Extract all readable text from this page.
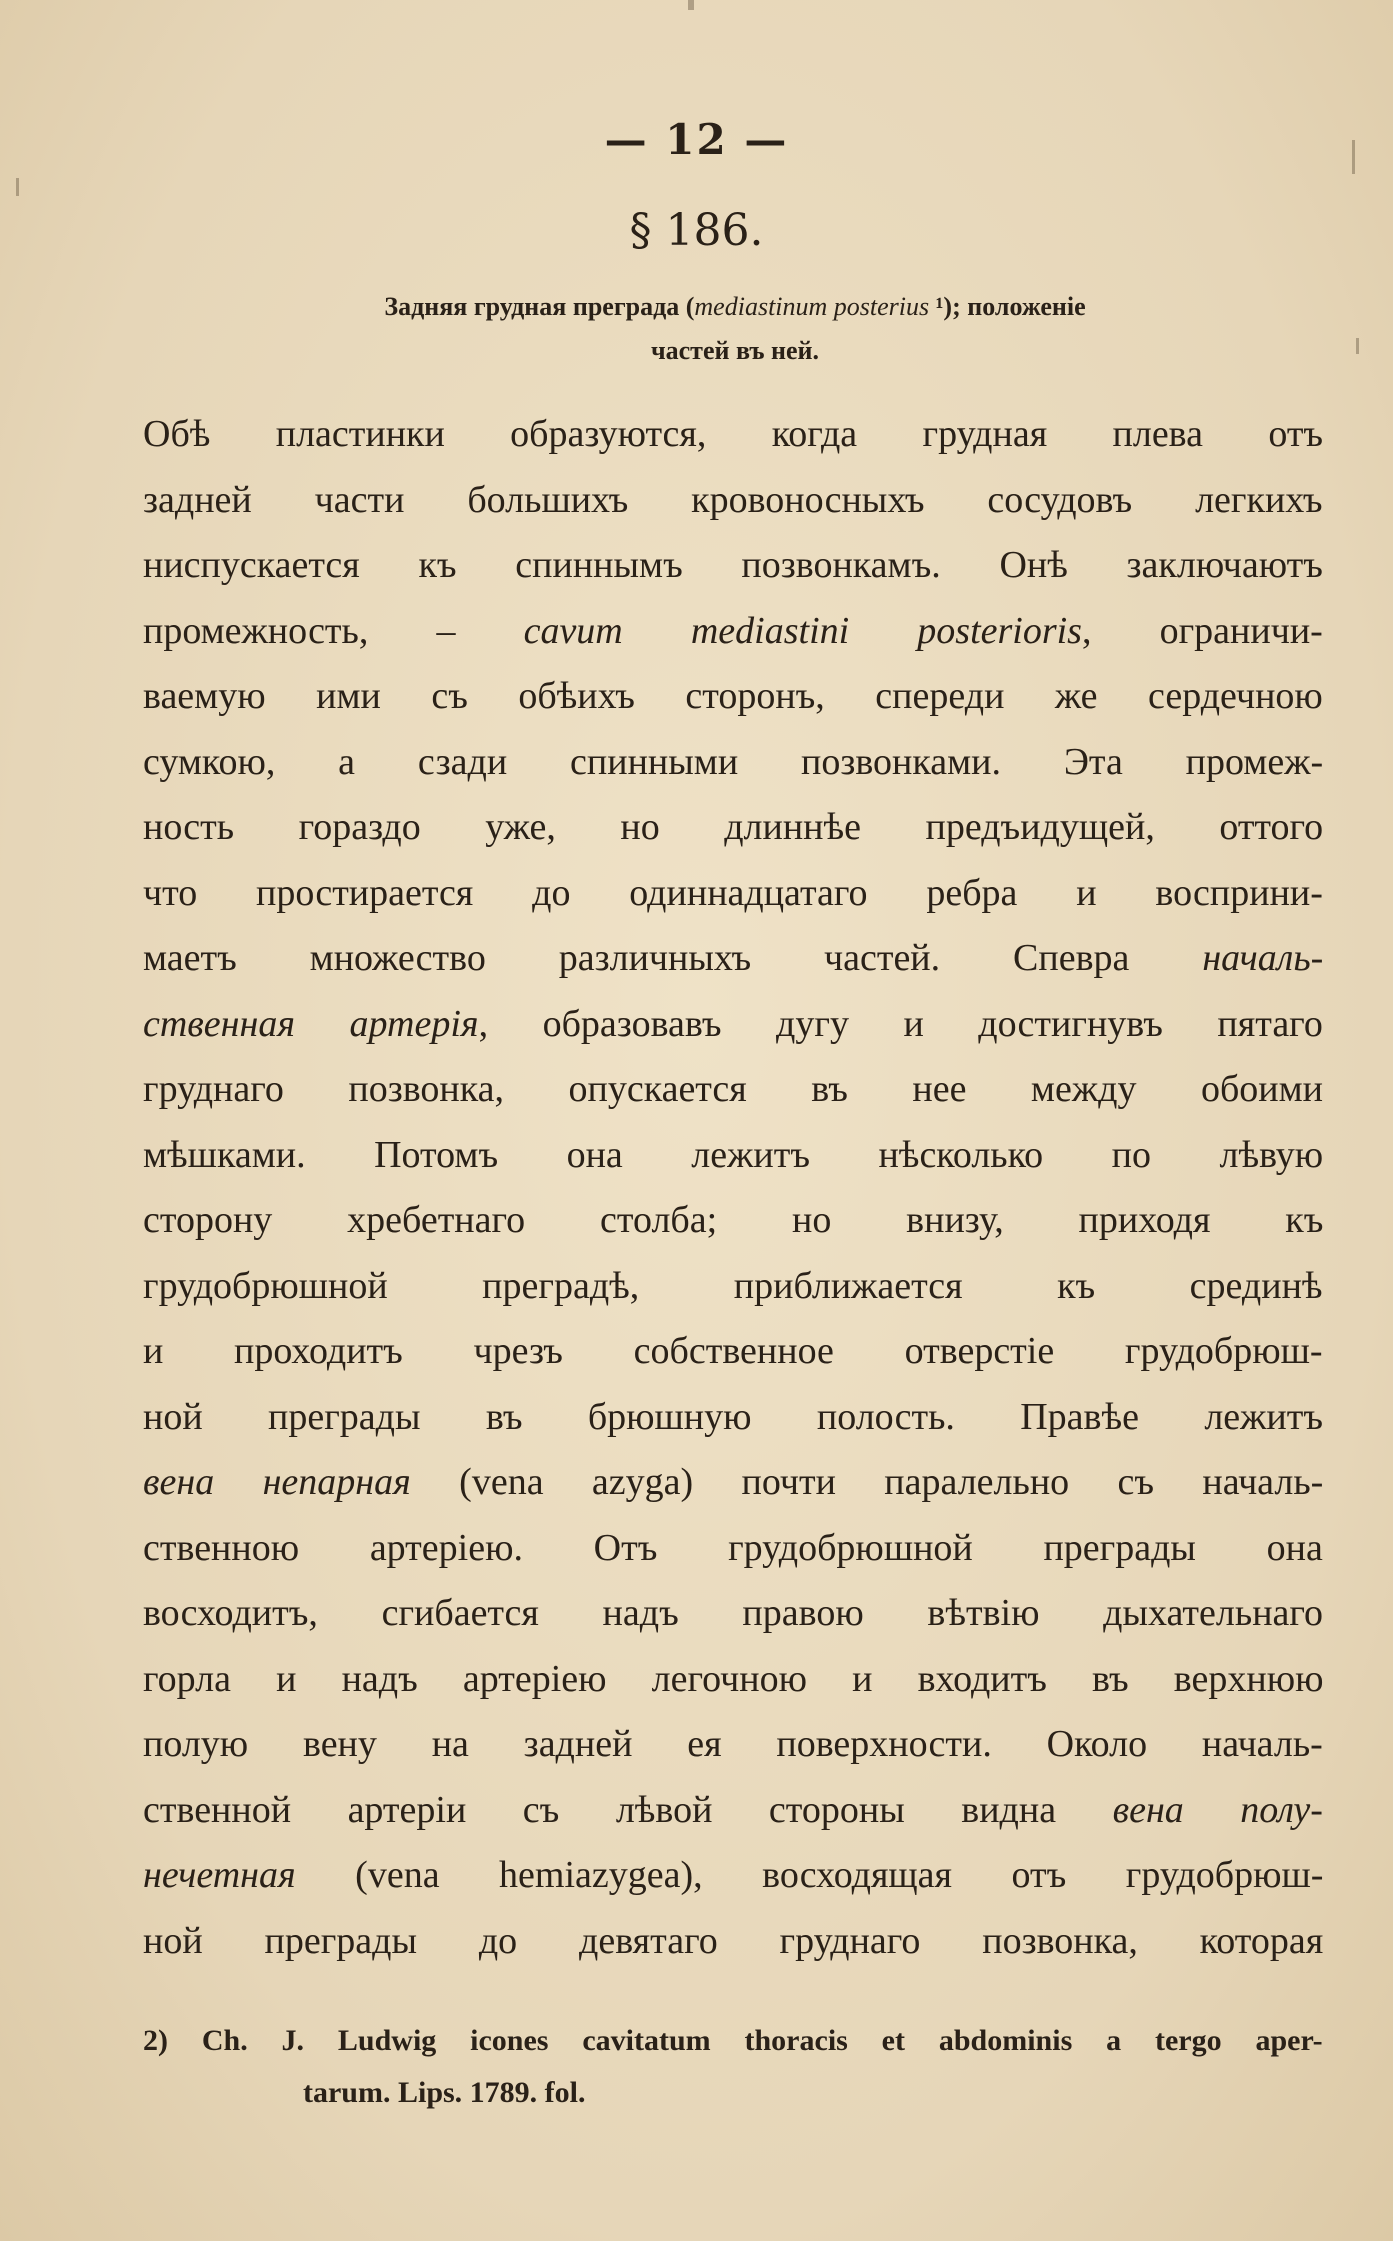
— 12 —
§ 186.
Задняя грудная преграда (mediastinum posterius ¹); положеніе
частей въ ней.
Обѣ пластинки образуются, когда грудная плева отъ
задней части большихъ кровоносныхъ сосудовъ легкихъ
ниспускается къ спиннымъ позвонкамъ. Онѣ заключаютъ
промежность, – cavum mediastini posterioris, ограничи-
ваемую ими съ обѣихъ сторонъ, спереди же сердечною
сумкою, а сзади спинными позвонками. Эта промеж-
ность гораздо уже, но длиннѣе предъидущей, оттого
что простирается до одиннадцатаго ребра и восприни-
маетъ множество различныхъ частей. Спевра началь-
ственная артерія, образовавъ дугу и достигнувъ пятаго
груднаго позвонка, опускается въ нее между обоими
мѣшками. Потомъ она лежитъ нѣсколько по лѣвую
сторону хребетнаго столба; но внизу, приходя къ
грудобрюшной преградѣ, приближается къ срединѣ
и проходитъ чрезъ собственное отверстіе грудобрюш-
ной преграды въ брюшную полость. Правѣе лежитъ
вена непарная (vena azyga) почти паралельно съ началь-
ственною артеріею. Отъ грудобрюшной преграды она
восходитъ, сгибается надъ правою вѣтвію дыхательнаго
горла и надъ артеріею легочною и входитъ въ верхнюю
полую вену на задней ея поверхности. Около началь-
ственной артеріи съ лѣвой стороны видна вена полу-
нечетная (vena hemiazygea), восходящая отъ грудобрюш-
ной преграды до девятаго груднаго позвонка, которая
2) Ch. J. Ludwig icones cavitatum thoracis et abdominis a tergo aper-
tarum. Lips. 1789. fol.
